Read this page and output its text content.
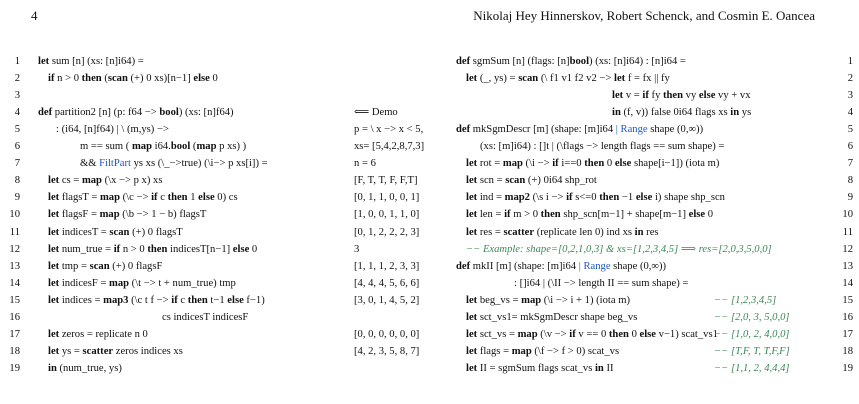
4	Nikolaj Hey Hinnerskov, Robert Schenck, and Cosmin E. Oancea
1 let sum [n] (xs: [n]i64) =
2	if n > 0 then (scan (+) 0 xs)[n−1] else 0
3
4 def partition2 [n] (p: f64 −> bool) (xs: [n]f64)
5	: (i64, [n]f64) | \ (m,ys) −>
6	m == sum ( map i64.bool (map p xs) )
7	&& FiltPart ys xs (\_−>true) (\i−> p xs[i]) =
8	let cs = map (\x −> p x) xs
9	let flagsT = map (\c −> if c then 1 else 0) cs
10	let flagsF = map (\b −> 1 − b) flagsT
11	let indicesT = scan (+) 0 flagsT
12	let num_true = if n > 0 then indicesT[n−1] else 0
13	let tmp = scan (+) 0 flagsF
14	let indicesF = map (\t −> t + num_true) tmp
15	let indices = map3 (\c t f −> if c then t−1 else f−1)
16	cs indicesT indicesF
17	let zeros = replicate n 0
18	let ys = scatter zeros indices xs
19	in (num_true, ys)
⟸ Demo
p = \ x −> x < 5,
xs= [5,4,2,8,7,3]
n = 6
[F, T, T, F, F,T]
[0, 1, 1, 0, 0, 1]
[1, 0, 0, 1, 1, 0]
[0, 1, 2, 2, 2, 3]
3
[1, 1, 1, 2, 3, 3]
[4, 4, 4, 5, 6, 6]
[3, 0, 1, 4, 5, 2]
[0, 0, 0, 0, 0, 0]
[4, 2, 3, 5, 8, 7]
1
def sgmSum [n] (flags: [n]bool) (xs: [n]i64) : [n]i64 =
2
let (_, ys) = scan (\ f1 v1 f2 v2 −> let f = fx || fy
3
let v = if fy then vy else vy + vx
4
in (f, v)) false 0i64 flags xs in ys
5
def mkSgmDescr [m] (shape: [m]i64 | Range shape (0,∞))
6
(xs: [m]i64) : []t | (\flags −> length flags == sum shape) =
7
let rot = map (\i −> if i==0 then 0 else shape[i−1]) (iota m)
8
let scn = scan (+) 0i64 shp_rot
9
let ind = map2 (\s i −> if s<=0 then −1 else i) shape shp_scn
10
let len = if m > 0 then shp_scn[m−1] + shape[m−1] else 0
11
let res = scatter (replicate len 0) ind xs in res
12
−− Example: shape=[0,2,1,0,3] & xs=[1,2,3,4,5] ⟹ res=[2,0,3,5,0,0]
13
def mkII [m] (shape: [m]i64 | Range shape (0,∞))
14
: []i64 | (\II −> length II == sum shape) =
15
let beg_vs = map (\i −> i + 1) (iota m)
16
let sct_vs1= mkSgmDescr shape beg_vs
17
let sct_vs = map (\v −> if v == 0 then 0 else v−1) scat_vs1
18
let flags = map (\f −> f > 0) scat_vs
19
let II = sgmSum flags scat_vs in II
−− [1,2,3,4,5]
−− [2,0, 3, 5,0,0]
−− [1,0, 2, 4,0,0]
−− [T,F, T, T,F,F]
−− [1,1, 2, 4,4,4]
